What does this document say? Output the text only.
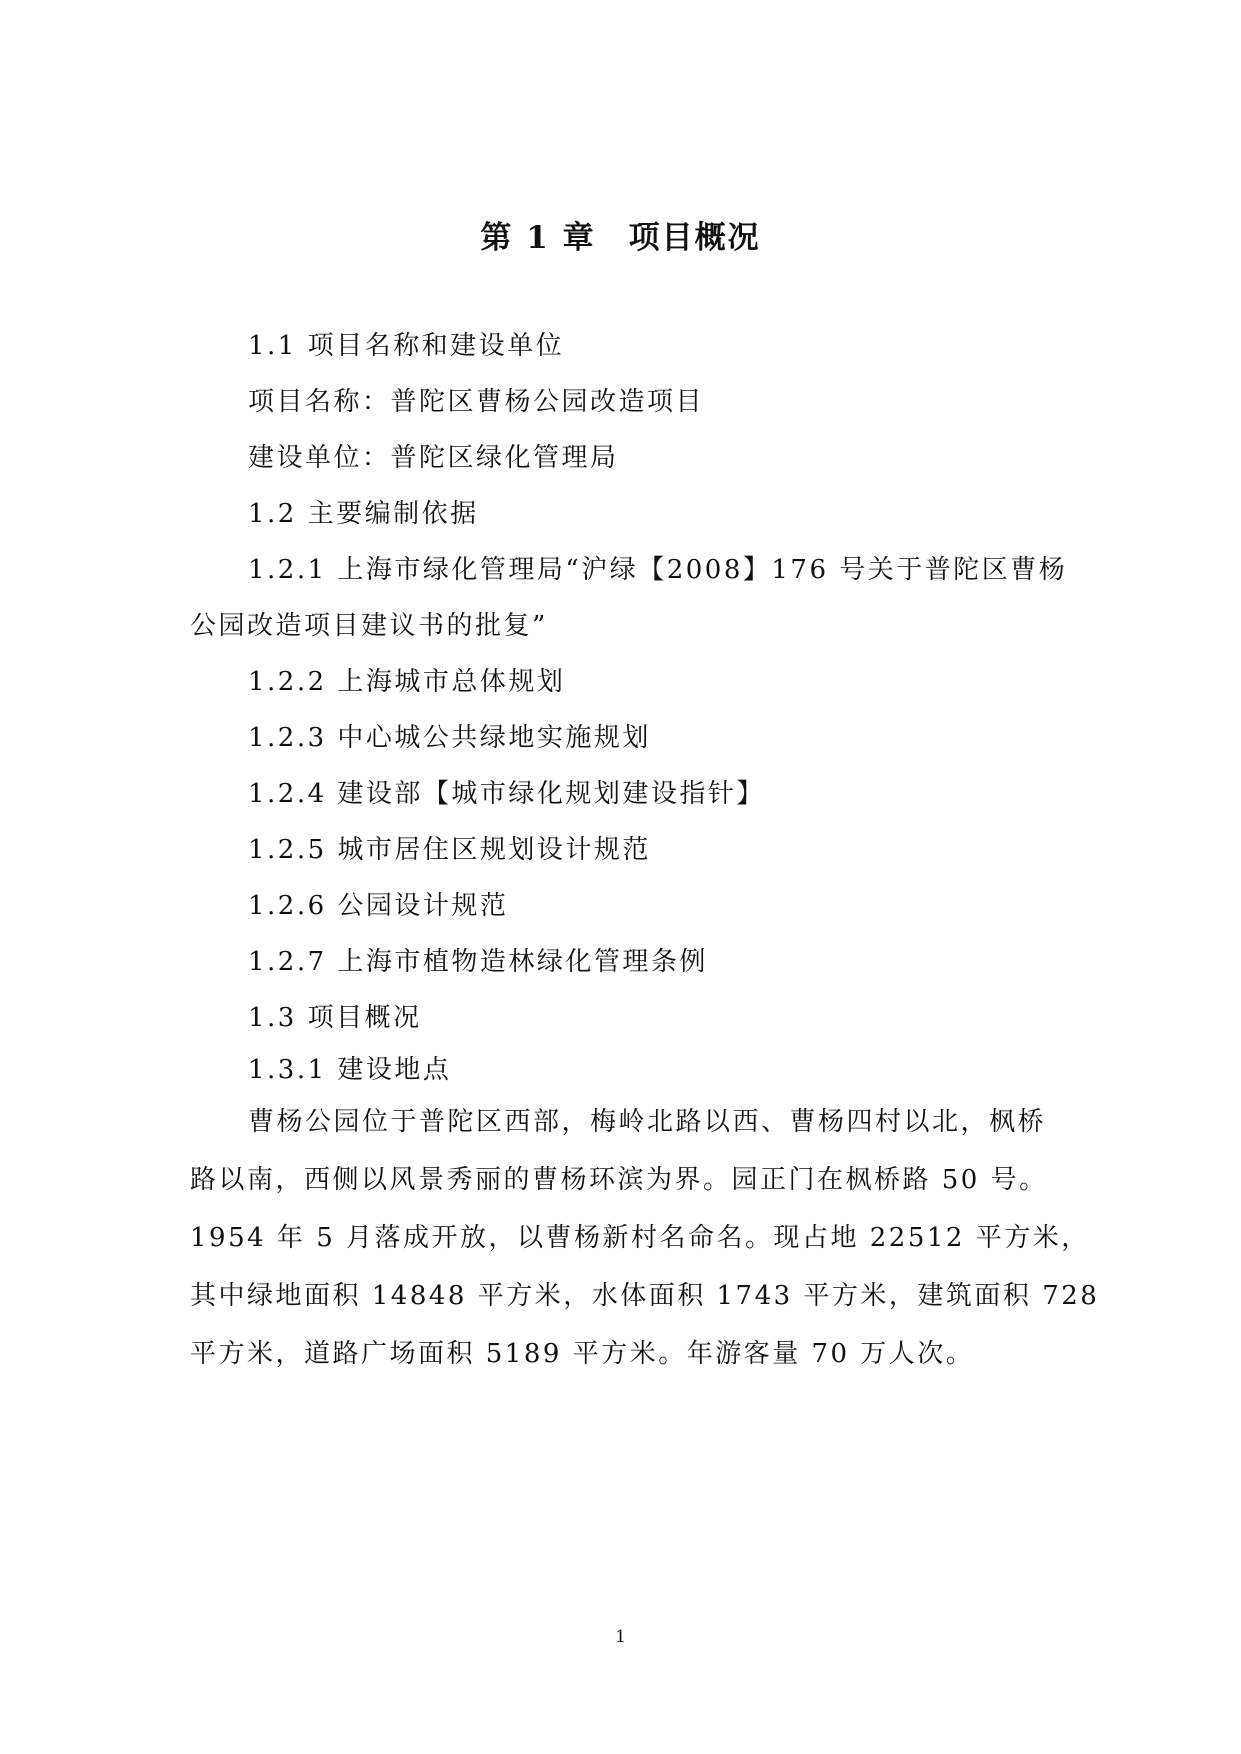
第 1 章　项目概况
1.1 项目名称和建设单位
项目名称：普陀区曹杨公园改造项目
建设单位：普陀区绿化管理局
1.2 主要编制依据
1.2.1 上海市绿化管理局“沪绿【2008】176 号关于普陀区曹杨
公园改造项目建议书的批复”
1.2.2 上海城市总体规划
1.2.3 中心城公共绿地实施规划
1.2.4 建设部【城市绿化规划建设指针】
1.2.5 城市居住区规划设计规范
1.2.6 公园设计规范
1.2.7 上海市植物造林绿化管理条例
1.3 项目概况
1.3.1 建设地点
曹杨公园位于普陀区西部，梅岭北路以西、曹杨四村以北，枫桥
路以南，西侧以风景秀丽的曹杨环滨为界。园正门在枫桥路 50 号。
1954 年 5 月落成开放，以曹杨新村名命名。现占地 22512 平方米，
其中绿地面积 14848 平方米，水体面积 1743 平方米，建筑面积 728
平方米，道路广场面积 5189 平方米。年游客量 70 万人次。
1
